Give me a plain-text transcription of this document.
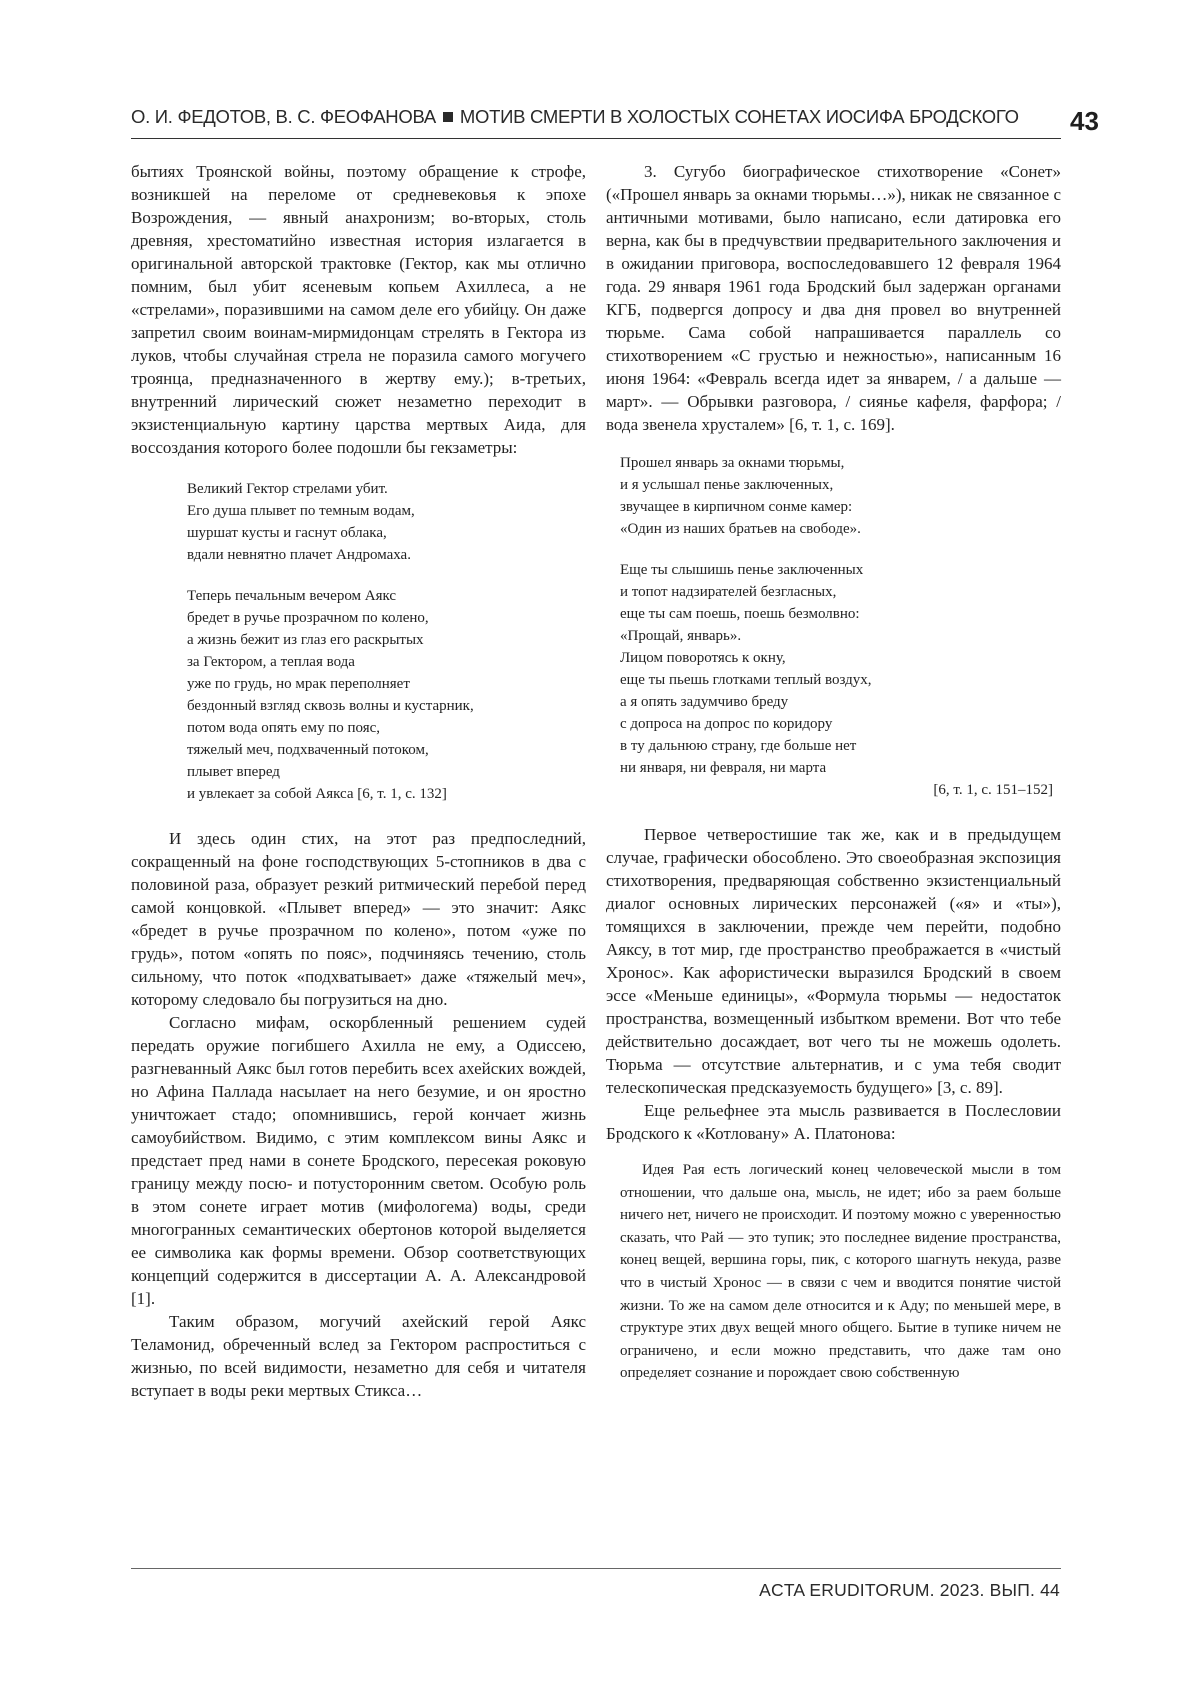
О. И. ФЕДОТОВ, В. С. ФЕОФАНОВА МОТИВ СМЕРТИ В ХОЛОСТЫХ СОНЕТАХ ИОСИФА БРОДСКОГО	43

бытиях Троянской войны, поэтому обращение к строфе, возникшей на переломе от средневековья к эпохе Возрождения, — явный анахронизм; во-вторых, столь древняя, хрестоматийно известная история излагается в оригинальной авторской трактовке (Гектор, как мы отлично помним, был убит ясеневым копьем Ахиллеса, а не «стрелами», поразившими на самом деле его убийцу. Он даже запретил своим воинам-мирмидонцам стрелять в Гектора из луков, чтобы случайная стрела не поразила самого могучего троянца, предназначенного в жертву ему.); в-третьих, внутренний лирический сюжет незаметно переходит в экзистенциальную картину царства мертвых Аида, для воссоздания которого более подошли бы гекзаметры:

Великий Гектор стрелами убит.
Его душа плывет по темным водам,
шуршат кусты и гаснут облака,
вдали невнятно плачет Андромаха.
Теперь печальным вечером Аякс
бредет в ручье прозрачном по колено,
а жизнь бежит из глаз его раскрытых
за Гектором, а теплая вода
уже по грудь, но мрак переполняет
бездонный взгляд сквозь волны и кустарник,
потом вода опять ему по пояс,
тяжелый меч, подхваченный потоком,
плывет вперед
и увлекает за собой Аякса [6, т. 1, с. 132]

И здесь один стих, на этот раз предпоследний, сокращенный на фоне господствующих 5-стопников в два с половиной раза, образует резкий ритмический перебой перед самой концовкой. «Плывет вперед» — это значит: Аякс «бредет в ручье прозрачном по колено», потом «уже по грудь», потом «опять по пояс», подчиняясь течению, столь сильному, что поток «подхватывает» даже «тяжелый меч», которому следовало бы погрузиться на дно.

Согласно мифам, оскорбленный решением судей передать оружие погибшего Ахилла не ему, а Одиссею, разгневанный Аякс был готов перебить всех ахейских вождей, но Афина Паллада насылает на него безумие, и он яростно уничтожает стадо; опомнившись, герой кончает жизнь самоубийством. Видимо, с этим комплексом вины Аякс и предстает пред нами в сонете Бродского, пересекая роковую границу между посю- и потусторонним светом. Особую роль в этом сонете играет мотив (мифологема) воды, среди многогранных семантических обертонов которой выделяется ее символика как формы времени. Обзор соответствующих концепций содержится в диссертации А. А. Александровой [1].

Таким образом, могучий ахейский герой Аякс Теламонид, обреченный вслед за Гектором распроститься с жизнью, по всей видимости, незаметно для себя и читателя вступает в воды реки мертвых Стикса…

3. Сугубо биографическое стихотворение «Сонет» («Прошел январь за окнами тюрьмы…»), никак не связанное с античными мотивами, было написано, если датировка его верна, как бы в предчувствии предварительного заключения и в ожидании приговора, воспоследовавшего 12 февраля 1964 года. 29 января 1961 года Бродский был задержан органами КГБ, подвергся допросу и два дня провел во внутренней тюрьме. Сама собой напрашивается параллель со стихотворением «С грустью и нежностью», написанным 16 июня 1964: «Февраль всегда идет за январем, / а дальше — март». — Обрывки разговора, / сиянье кафеля, фарфора; / вода звенела хрусталем» [6, т. 1, с. 169].

Прошел январь за окнами тюрьмы,
и я услышал пенье заключенных,
звучащее в кирпичном сонме камер:
«Один из наших братьев на свободе».
Еще ты слышишь пенье заключенных
и топот надзирателей безгласных,
еще ты сам поешь, поешь безмолвно:
«Прощай, январь».
Лицом поворотясь к окну,
еще ты пьешь глотками теплый воздух,
а я опять задумчиво бреду
с допроса на допрос по коридору
в ту дальнюю страну, где больше нет
ни января, ни февраля, ни марта
[6, т. 1, с. 151–152]

Первое четверостишие так же, как и в предыдущем случае, графически обособлено. Это своеобразная экспозиция стихотворения, предваряющая собственно экзистенциальный диалог основных лирических персонажей («я» и «ты»), томящихся в заключении, прежде чем перейти, подобно Аяксу, в тот мир, где пространство преображается в «чистый Хронос». Как афористически выразился Бродский в своем эссе «Меньше единицы», «Формула тюрьмы — недостаток пространства, возмещенный избытком времени. Вот что тебе действительно досаждает, вот чего ты не можешь одолеть. Тюрьма — отсутствие альтернатив, и с ума тебя сводит телескопическая предсказуемость будущего» [3, с. 89].

Еще рельефнее эта мысль развивается в Послесловии Бродского к «Котловану» А. Платонова:

Идея Рая есть логический конец человеческой мысли в том отношении, что дальше она, мысль, не идет; ибо за раем больше ничего нет, ничего не происходит. И поэтому можно с уверенностью сказать, что Рай — это тупик; это последнее видение пространства, конец вещей, вершина горы, пик, с которого шагнуть некуда, разве что в чистый Хронос — в связи с чем и вводится понятие чистой жизни. То же на самом деле относится и к Аду; по меньшей мере, в структуре этих двух вещей много общего. Бытие в тупике ничем не ограничено, и если можно представить, что даже там оно определяет сознание и порождает свою собственную

ACTA ERUDITORUM. 2023. ВЫП. 44
